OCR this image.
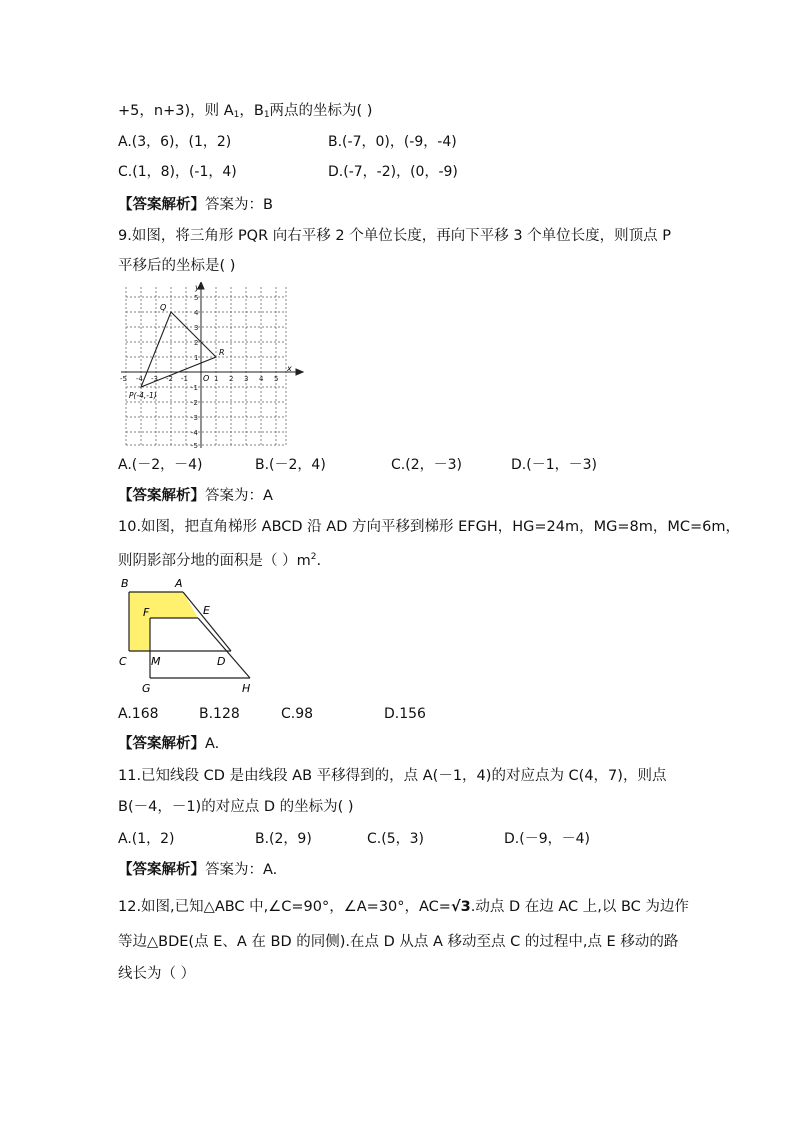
+5，n+3)，则 $A_1$，$B_1$两点的坐标为( )
A.(3，6)，(1，2)	B.(-7，0)，(-9，-4)
C.(1，8)，(-1，4)	D.(-7，-2)，(0，-9)
【答案解析】答案为：B
9.如图，将三角形 PQR 向右平移 2 个单位长度，再向下平移 3 个单位长度，则顶点 P
平移后的坐标是( )
x
y
O
-5 -4 -3 -2 -1	1 2 3 4 5
5
4
3
2
1
-1
-2
-3
-4
-5
P(-4,-1)
Q
R
A.(－2，－4)	B.(－2，4)	C.(2，－3)	D.(－1，－3)
【答案解析】答案为：A
10.如图，把直角梯形 ABCD 沿 AD 方向平移到梯形 EFGH，HG=24m，MG=8m，MC=6m，
则阴影部分地的面积是（ ）$m^2$.
B	A
F	E
C M	D
G	H
A.168	B.128	C.98	D.156
【答案解析】A.
11.已知线段 CD 是由线段 AB 平移得到的，点 A(－1，4)的对应点为 C(4，7)，则点
B(－4，－1)的对应点 D 的坐标为( )
A.(1，2)	B.(2，9)	C.(5，3)	D.(－9，－4)
【答案解析】答案为：A.
12.如图,已知△ABC 中,∠C=90°，∠A=30°，AC=√3.动点 D 在边 AC 上,以 BC 为边作
等边△BDE(点 E、A 在 BD 的同侧).在点 D 从点 A 移动至点 C 的过程中,点 E 移动的路
线长为（ ）
